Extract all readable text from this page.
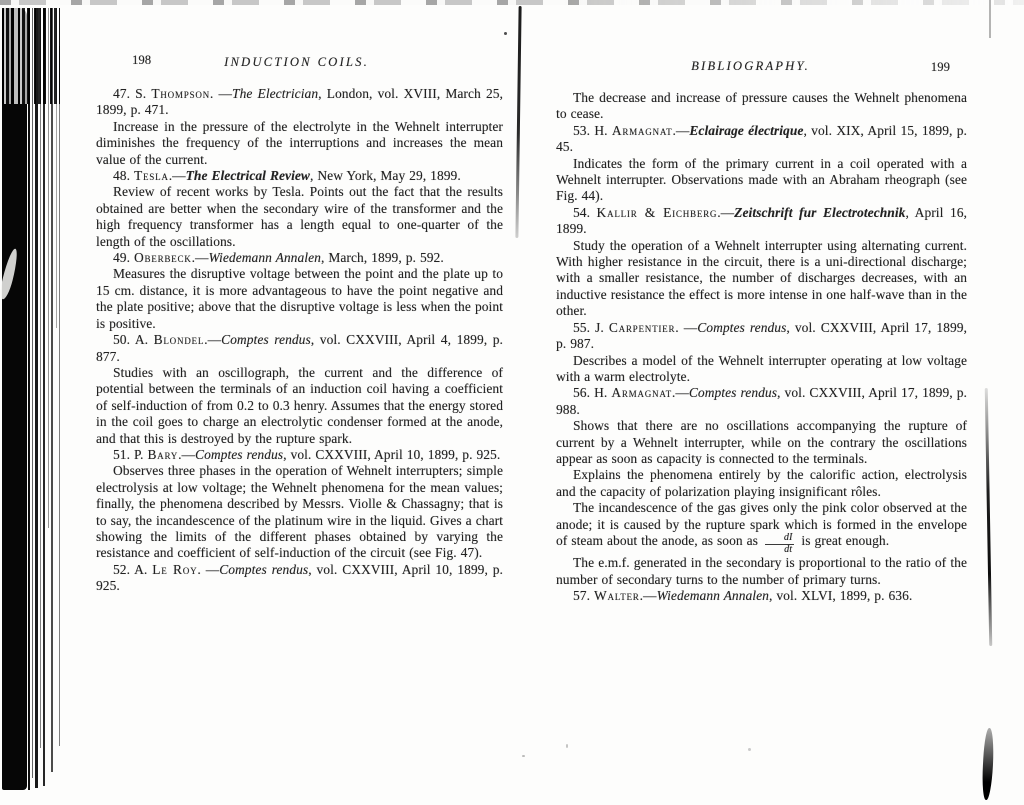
198	INDUCTION COILS.

47. S. Thompson. —The Electrician, London, vol. XVIII, March 25, 1899, p. 471.

Increase in the pressure of the electrolyte in the Wehnelt interrupter diminishes the frequency of the interruptions and increases the mean value of the current.

48. Tesla.—The Electrical Review, New York, May 29, 1899.

Review of recent works by Tesla. Points out the fact that the results obtained are better when the secondary wire of the transformer and the high frequency transformer has a length equal to one-quarter of the length of the oscillations.

49. Oberbeck.—Wiedemann Annalen, March, 1899, p. 592.

Measures the disruptive voltage between the point and the plate up to 15 cm. distance, it is more advantageous to have the point negative and the plate positive; above that the disruptive voltage is less when the point is positive.

50. A. Blondel.—Comptes rendus, vol. CXXVIII, April 4, 1899, p. 877.

Studies with an oscillograph, the current and the difference of potential between the terminals of an induction coil having a coefficient of self-induction of from 0.2 to 0.3 henry. Assumes that the energy stored in the coil goes to charge an electrolytic condenser formed at the anode, and that this is destroyed by the rupture spark.

51. P. Bary.—Comptes rendus, vol. CXXVIII, April 10, 1899, p. 925.

Observes three phases in the operation of Wehnelt interrupters; simple electrolysis at low voltage; the Wehnelt phenomena for the mean values; finally, the phenomena described by Messrs. Violle & Chassagny; that is to say, the incandescence of the platinum wire in the liquid. Gives a chart showing the limits of the different phases obtained by varying the resistance and coefficient of self-induction of the circuit (see Fig. 47).

52. A. Le Roy. —Comptes rendus, vol. CXXVIII, April 10, 1899, p. 925.

BIBLIOGRAPHY.	199

The decrease and increase of pressure causes the Wehnelt phenomena to cease.

53. H. Armagnat.—Eclairage électrique, vol. XIX, April 15, 1899, p. 45.

Indicates the form of the primary current in a coil operated with a Wehnelt interrupter. Observations made with an Abraham rheograph (see Fig. 44).

54. Kallir & Eichberg.—Zeitschrift fur Electrotechnik, April 16, 1899.

Study the operation of a Wehnelt interrupter using alternating current. With higher resistance in the circuit, there is a uni-directional discharge; with a smaller resistance, the number of discharges decreases, with an inductive resistance the effect is more intense in one half-wave than in the other.

55. J. Carpentier. —Comptes rendus, vol. CXXVIII, April 17, 1899, p. 987.

Describes a model of the Wehnelt interrupter operating at low voltage with a warm electrolyte.

56. H. Armagnat.—Comptes rendus, vol. CXXVIII, April 17, 1899, p. 988.

Shows that there are no oscillations accompanying the rupture of current by a Wehnelt interrupter, while on the contrary the oscillations appear as soon as capacity is connected to the terminals.

Explains the phenomena entirely by the calorific action, electrolysis and the capacity of polarization playing insignificant rôles.

The incandescence of the gas gives only the pink color observed at the anode; it is caused by the rupture spark which is formed in the envelope of steam about the anode, as soon as $\frac{dI}{dt}$ is great enough.

The e.m.f. generated in the secondary is proportional to the ratio of the number of secondary turns to the number of primary turns.

57. Walter.—Wiedemann Annalen, vol. XLVI, 1899, p. 636.
